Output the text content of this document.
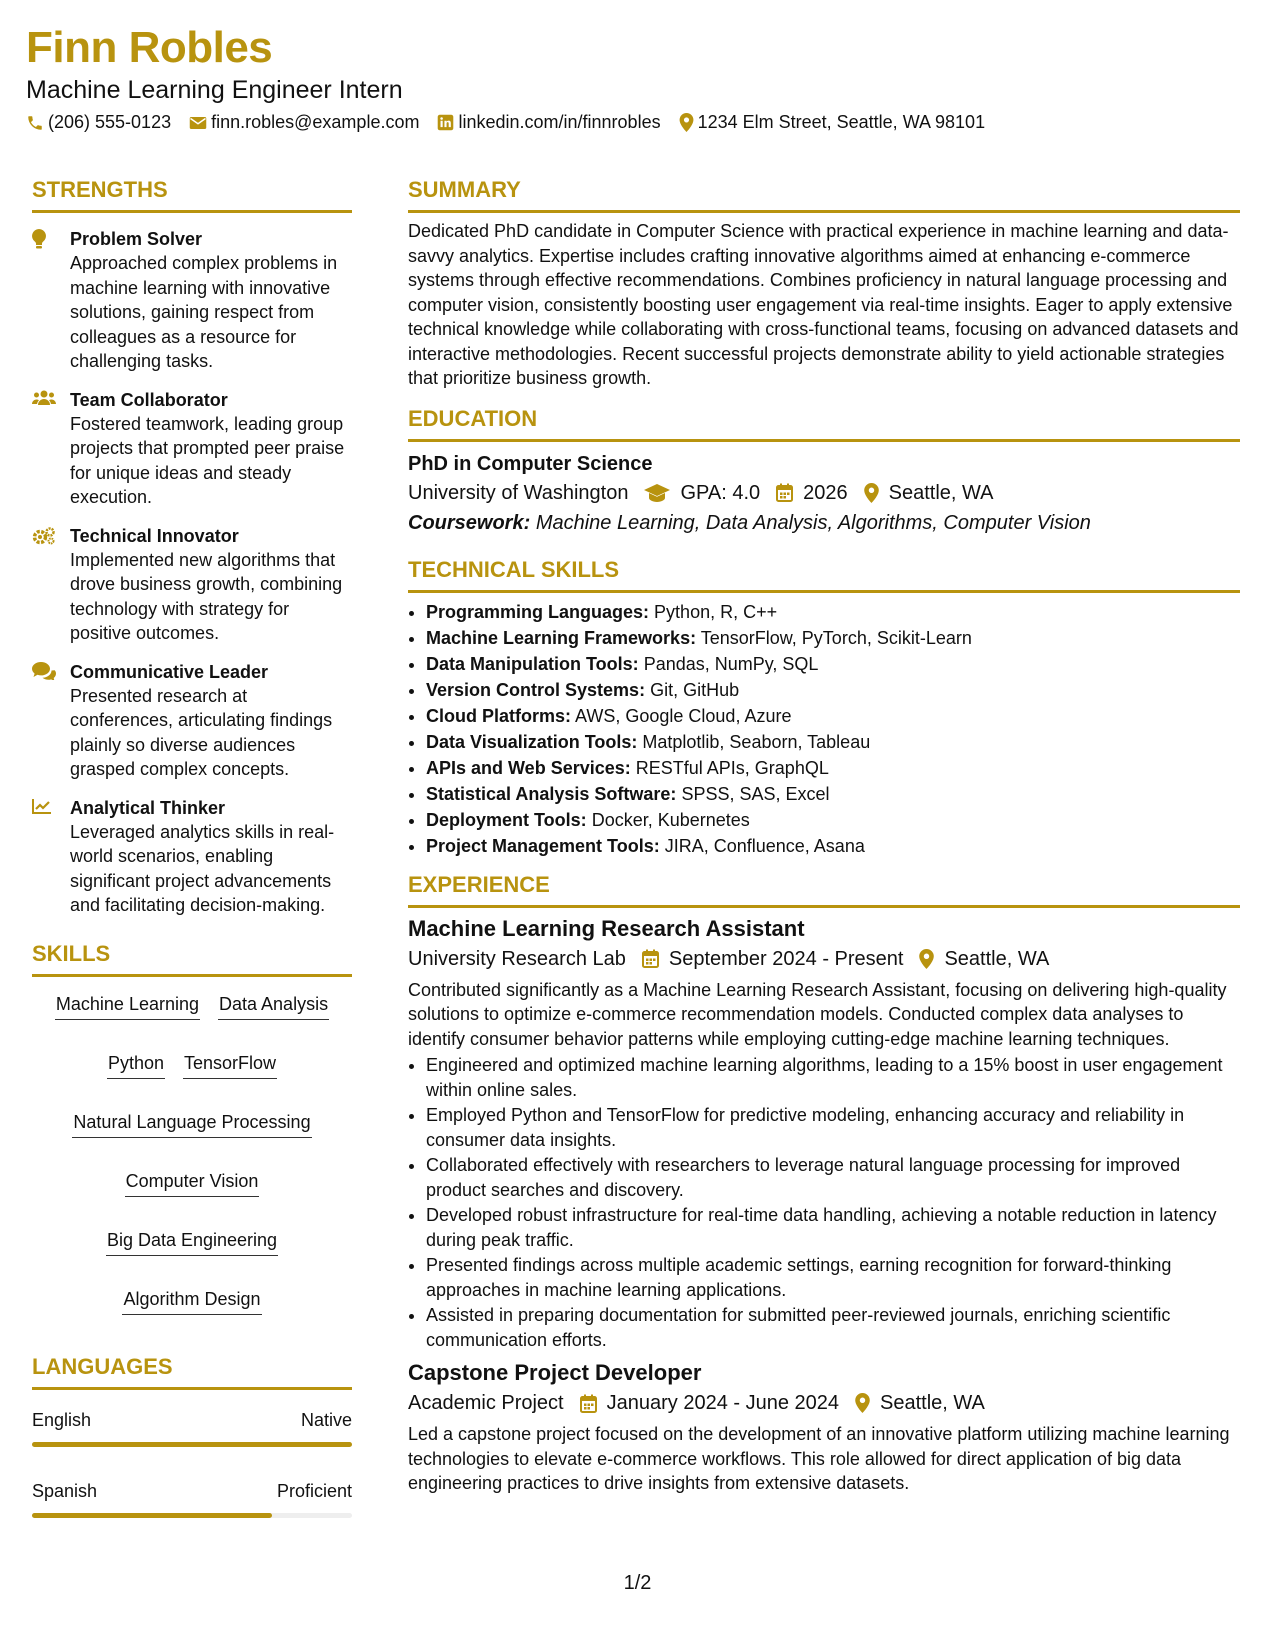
Finn Robles
Machine Learning Engineer Intern
(206) 555-0123 finn.robles@example.com linkedin.com/in/finnrobles 1234 Elm Street, Seattle, WA 98101
STRENGTHS
Problem Solver
Approached complex problems in machine learning with innovative solutions, gaining respect from colleagues as a resource for challenging tasks.
Team Collaborator
Fostered teamwork, leading group projects that prompted peer praise for unique ideas and steady execution.
Technical Innovator
Implemented new algorithms that drove business growth, combining technology with strategy for positive outcomes.
Communicative Leader
Presented research at conferences, articulating findings plainly so diverse audiences grasped complex concepts.
Analytical Thinker
Leveraged analytics skills in real-world scenarios, enabling significant project advancements and facilitating decision-making.
SKILLS
Machine Learning Data Analysis
Python TensorFlow
Natural Language Processing
Computer Vision
Big Data Engineering
Algorithm Design
LANGUAGES
English	Native
Spanish	Proficient
SUMMARY
Dedicated PhD candidate in Computer Science with practical experience in machine learning and data-savvy analytics. Expertise includes crafting innovative algorithms aimed at enhancing e-commerce systems through effective recommendations. Combines proficiency in natural language processing and computer vision, consistently boosting user engagement via real-time insights. Eager to apply extensive technical knowledge while collaborating with cross-functional teams, focusing on advanced datasets and interactive methodologies. Recent successful projects demonstrate ability to yield actionable strategies that prioritize business growth.
EDUCATION
PhD in Computer Science
University of Washington	GPA: 4.0 2026 Seattle, WA
Coursework: Machine Learning, Data Analysis, Algorithms, Computer Vision
TECHNICAL SKILLS
• Programming Languages: Python, R, C++
• Machine Learning Frameworks: TensorFlow, PyTorch, Scikit-Learn
• Data Manipulation Tools: Pandas, NumPy, SQL
• Version Control Systems: Git, GitHub
• Cloud Platforms: AWS, Google Cloud, Azure
• Data Visualization Tools: Matplotlib, Seaborn, Tableau
• APIs and Web Services: RESTful APIs, GraphQL
• Statistical Analysis Software: SPSS, SAS, Excel
• Deployment Tools: Docker, Kubernetes
• Project Management Tools: JIRA, Confluence, Asana
EXPERIENCE
Machine Learning Research Assistant
University Research Lab September 2024 - Present Seattle, WA
Contributed significantly as a Machine Learning Research Assistant, focusing on delivering high-quality solutions to optimize e-commerce recommendation models. Conducted complex data analyses to identify consumer behavior patterns while employing cutting-edge machine learning techniques.
• Engineered and optimized machine learning algorithms, leading to a 15% boost in user engagement within online sales.
• Employed Python and TensorFlow for predictive modeling, enhancing accuracy and reliability in consumer data insights.
• Collaborated effectively with researchers to leverage natural language processing for improved product searches and discovery.
• Developed robust infrastructure for real-time data handling, achieving a notable reduction in latency during peak traffic.
• Presented findings across multiple academic settings, earning recognition for forward-thinking approaches in machine learning applications.
• Assisted in preparing documentation for submitted peer-reviewed journals, enriching scientific communication efforts.
Capstone Project Developer
Academic Project January 2024 - June 2024 Seattle, WA
Led a capstone project focused on the development of an innovative platform utilizing machine learning technologies to elevate e-commerce workflows. This role allowed for direct application of big data engineering practices to drive insights from extensive datasets.
1/2
